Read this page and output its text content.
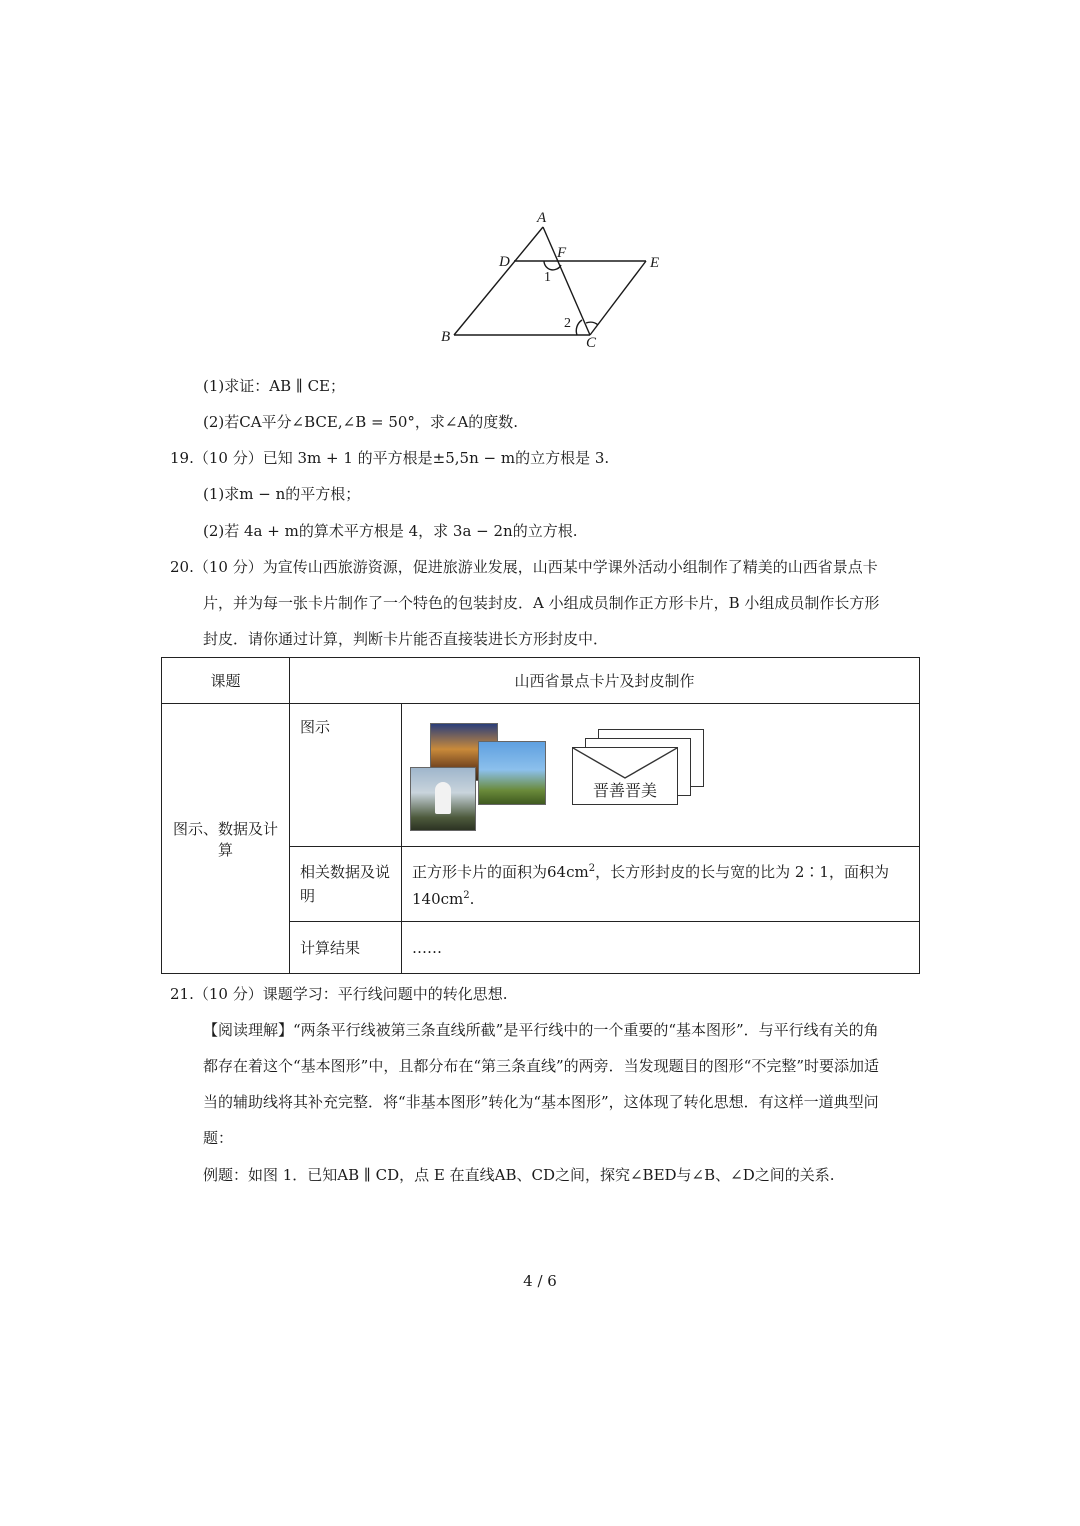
A
D
F
E
B	C
1
2
(1)求证：AB ∥ CE；
(2)若CA平分∠BCE,∠B = 50°，求∠A的度数.
19.（10 分）已知 3m + 1 的平方根是±5,5n − m的立方根是 3.
(1)求m − n的平方根；
(2)若 4a + m的算术平方根是 4，求 3a − 2n的立方根.
20.（10 分）为宣传山西旅游资源，促进旅游业发展，山西某中学课外活动小组制作了精美的山西省景点卡
片，并为每一张卡片制作了一个特色的包装封皮．A 小组成员制作正方形卡片，B 小组成员制作长方形
封皮．请你通过计算，判断卡片能否直接装进长方形封皮中．
课题	山西省景点卡片及封皮制作	
图示、数据及计算	图示	晋善晋美

	相关数据及说明	正方形卡片的面积为$64cm^2$，长方形封皮的长与宽的比为 2∶1，面积为
$140cm^2$.
	计算结果	……
21.（10 分）课题学习：平行线问题中的转化思想.
【阅读理解】“两条平行线被第三条直线所截”是平行线中的一个重要的“基本图形”．与平行线有关的角
都存在着这个“基本图形”中，且都分布在“第三条直线”的两旁．当发现题目的图形“不完整”时要添加适
当的辅助线将其补充完整．将“非基本图形”转化为“基本图形”，这体现了转化思想．有这样一道典型问
题：
例题：如图 1．已知AB ∥ CD，点 E 在直线AB、CD之间，探究∠BED与∠B、∠D之间的关系.
4 / 6
